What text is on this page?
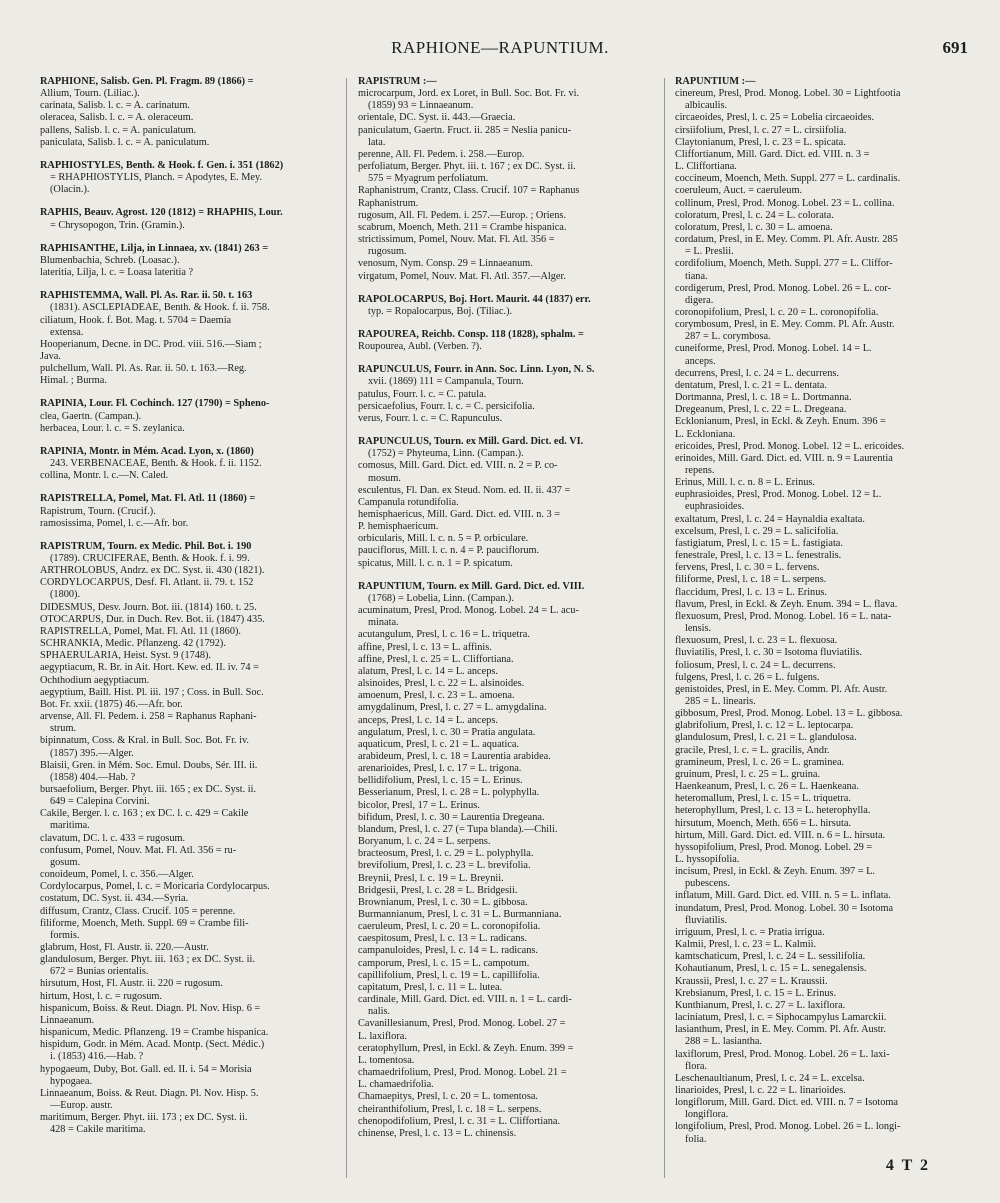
RAPHIONE—RAPUNTIUM.	691
RAPHIONE, Salisb. Gen. Pl. Fragm. 89 (1866) =
Allium, Tourn. (Liliac.).
carinata, Salisb. l. c. = A. carinatum.
oleracea, Salisb. l. c. = A. oleraceum.
pallens, Salisb. l. c. = A. paniculatum.
paniculata, Salisb. l. c. = A. paniculatum.
RAPHIOSTYLES, Benth. & Hook. f. Gen. i. 351 (1862)
= RHAPHIOSTYLIS, Planch. = Apodytes, E. Mey.
(Olacin.).
RAPHIS, Beauv. Agrost. 120 (1812) = RHAPHIS, Lour.
= Chrysopogon, Trin. (Gramin.).
RAPHISANTHE, Lilja, in Linnaea, xv. (1841) 263 =
Blumenbachia, Schreb. (Loasac.).
lateritia, Lilja, l. c. = Loasa lateritia ?
RAPHISTEMMA, Wall. Pl. As. Rar. ii. 50. t. 163
(1831). ASCLEPIADEAE, Benth. & Hook. f. ii. 758.
ciliatum, Hook. f. Bot. Mag. t. 5704 = Daemia
extensa.
Hooperianum, Decne. in DC. Prod. viii. 516.—Siam ;
Java.
pulchellum, Wall. Pl. As. Rar. ii. 50. t. 163.—Reg.
Himal. ; Burma.
RAPINIA, Lour. Fl. Cochinch. 127 (1790) = Spheno-
clea, Gaertn. (Campan.).
herbacea, Lour. l. c. = S. zeylanica.
RAPINIA, Montr. in Mém. Acad. Lyon, x. (1860)
243. VERBENACEAE, Benth. & Hook. f. ii. 1152.
collina, Montr. l. c.—N. Caled.
RAPISTRELLA, Pomel, Mat. Fl. Atl. 11 (1860) =
Rapistrum, Tourn. (Crucif.).
ramosissima, Pomel, l. c.—Afr. bor.
RAPISTRUM, Tourn. ex Medic. Phil. Bot. i. 190
(1789). CRUCIFERAE, Benth. & Hook. f. i. 99.
ARTHROLOBUS, Andrz. ex DC. Syst. ii. 430 (1821).
CORDYLOCARPUS, Desf. Fl. Atlant. ii. 79. t. 152
(1800).
DIDESMUS, Desv. Journ. Bot. iii. (1814) 160. t. 25.
OTOCARPUS, Dur. in Duch. Rev. Bot. ii. (1847) 435.
RAPISTRELLA, Pomel, Mat. Fl. Atl. 11 (1860).
SCHRANKIA, Medic. Pflanzeng. 42 (1792).
SPHAERULARIA, Heist. Syst. 9 (1748).
aegyptiacum, R. Br. in Ait. Hort. Kew. ed. II. iv. 74 =
Ochthodium aegyptiacum.
aegyptium, Baill. Hist. Pl. iii. 197 ; Coss. in Bull. Soc.
Bot. Fr. xxii. (1875) 46.—Afr. bor.
arvense, All. Fl. Pedem. i. 258 = Raphanus Raphani-
strum.
bipinnatum, Coss. & Kral. in Bull. Soc. Bot. Fr. iv.
(1857) 395.—Alger.
Blaisii, Gren. in Mém. Soc. Emul. Doubs, Sér. III. ii.
(1858) 404.—Hab. ?
bursaefolium, Berger. Phyt. iii. 165 ; ex DC. Syst. ii.
649 = Calepina Corvini.
Cakile, Berger. l. c. 163 ; ex DC. l. c. 429 = Cakile
maritima.
clavatum, DC. l. c. 433 = rugosum.
confusum, Pomel, Nouv. Mat. Fl. Atl. 356 = ru-
gosum.
conoideum, Pomel, l. c. 356.—Alger.
Cordylocarpus, Pomel, l. c. = Moricaria Cordylocarpus.
costatum, DC. Syst. ii. 434.—Syria.
diffusum, Crantz, Class. Crucif. 105 = perenne.
filiforme, Moench, Meth. Suppl. 69 = Crambe fili-
formis.
glabrum, Host, Fl. Austr. ii. 220.—Austr.
glandulosum, Berger. Phyt. iii. 163 ; ex DC. Syst. ii.
672 = Bunias orientalis.
hirsutum, Host, Fl. Austr. ii. 220 = rugosum.
hirtum, Host, l. c. = rugosum.
hispanicum, Boiss. & Reut. Diagn. Pl. Nov. Hisp. 6 =
Linnaeanum.
hispanicum, Medic. Pflanzeng. 19 = Crambe hispanica.
hispidum, Godr. in Mém. Acad. Montp. (Sect. Médic.)
i. (1853) 416.—Hab. ?
hypogaeum, Duby, Bot. Gall. ed. II. i. 54 = Morisia
hypogaea.
Linnaeanum, Boiss. & Reut. Diagn. Pl. Nov. Hisp. 5.
—Europ. austr.
maritimum, Berger. Phyt. iii. 173 ; ex DC. Syst. ii.
428 = Cakile maritima.
RAPISTRUM :—
microcarpum, Jord. ex Loret, in Bull. Soc. Bot. Fr. vi.
(1859) 93 = Linnaeanum.
orientale, DC. Syst. ii. 443.—Graecia.
paniculatum, Gaertn. Fruct. ii. 285 = Neslia panicu-
lata.
perenne, All. Fl. Pedem. i. 258.—Europ.
perfoliatum, Berger. Phyt. iii. t. 167 ; ex DC. Syst. ii.
575 = Myagrum perfoliatum.
Raphanistrum, Crantz, Class. Crucif. 107 = Raphanus
Raphanistrum.
rugosum, All. Fl. Pedem. i. 257.—Europ. ; Oriens.
scabrum, Moench, Meth. 211 = Crambe hispanica.
strictissimum, Pomel, Nouv. Mat. Fl. Atl. 356 =
rugosum.
venosum, Nym. Consp. 29 = Linnaeanum.
virgatum, Pomel, Nouv. Mat. Fl. Atl. 357.—Alger.
RAPOLOCARPUS, Boj. Hort. Maurit. 44 (1837) err.
typ. = Ropalocarpus, Boj. (Tiliac.).
RAPOUREA, Reichb. Consp. 118 (1828), sphalm. =
Roupourea, Aubl. (Verben. ?).
RAPUNCULUS, Fourr. in Ann. Soc. Linn. Lyon, N. S.
xvii. (1869) 111 = Campanula, Tourn.
patulus, Fourr. l. c. = C. patula.
persicaefolius, Fourr. l. c. = C. persicifolia.
verus, Fourr. l. c. = C. Rapunculus.
RAPUNCULUS, Tourn. ex Mill. Gard. Dict. ed. VI.
(1752) = Phyteuma, Linn. (Campan.).
comosus, Mill. Gard. Dict. ed. VIII. n. 2 = P. co-
mosum.
esculentus, Fl. Dan. ex Steud. Nom. ed. II. ii. 437 =
Campanula rotundifolia.
hemisphaericus, Mill. Gard. Dict. ed. VIII. n. 3 =
P. hemisphaericum.
orbicularis, Mill. l. c. n. 5 = P. orbiculare.
pauciflorus, Mill. l. c. n. 4 = P. pauciflorum.
spicatus, Mill. l. c. n. 1 = P. spicatum.
RAPUNTIUM, Tourn. ex Mill. Gard. Dict. ed. VIII.
(1768) = Lobelia, Linn. (Campan.).
acuminatum, Presl, Prod. Monog. Lobel. 24 = L. acu-
minata.
acutangulum, Presl, l. c. 16 = L. triquetra.
affine, Presl, l. c. 13 = L. affinis.
affine, Presl, l. c. 25 = L. Cliffortiana.
alatum, Presl, l. c. 14 = L. anceps.
alsinoides, Presl, l. c. 22 = L. alsinoides.
amoenum, Presl, l. c. 23 = L. amoena.
amygdalinum, Presl, l. c. 27 = L. amygdalina.
anceps, Presl, l. c. 14 = L. anceps.
angulatum, Presl, l. c. 30 = Pratia angulata.
aquaticum, Presl, l. c. 21 = L. aquatica.
arabideum, Presl, l. c. 18 = Laurentia arabidea.
arenarioides, Presl, l. c. 17 = L. trigona.
bellidifolium, Presl, l. c. 15 = L. Erinus.
Besserianum, Presl, l. c. 28 = L. polyphylla.
bicolor, Presl, 17 = L. Erinus.
bifidum, Presl, l. c. 30 = Laurentia Dregeana.
blandum, Presl, l. c. 27 (= Tupa blanda).—Chili.
Boryanum, l. c. 24 = L. serpens.
bracteosum, Presl, l. c. 29 = L. polyphylla.
brevifolium, Presl, l. c. 23 = L. brevifolia.
Breynii, Presl, l. c. 19 = L. Breynii.
Bridgesii, Presl, l. c. 28 = L. Bridgesii.
Brownianum, Presl, l. c. 30 = L. gibbosa.
Burmannianum, Presl, l. c. 31 = L. Burmanniana.
caeruleum, Presl, l. c. 20 = L. coronopifolia.
caespitosum, Presl, l. c. 13 = L. radicans.
campanuloides, Presl, l. c. 14 = L. radicans.
camporum, Presl, l. c. 15 = L. campotum.
capillifolium, Presl, l. c. 19 = L. capillifolia.
capitatum, Presl, l. c. 11 = L. lutea.
cardinale, Mill. Gard. Dict. ed. VIII. n. 1 = L. cardi-
nalis.
Cavanillesianum, Presl, Prod. Monog. Lobel. 27 =
L. laxiflora.
ceratophyllum, Presl, in Eckl. & Zeyh. Enum. 399 =
L. tomentosa.
chamaedrifolium, Presl, Prod. Monog. Lobel. 21 =
L. chamaedrifolia.
Chamaepitys, Presl, l. c. 20 = L. tomentosa.
cheiranthifolium, Presl, l. c. 18 = L. serpens.
chenopodifolium, Presl, l. c. 31 = L. Cliffortiana.
chinense, Presl, l. c. 13 = L. chinensis.
RAPUNTIUM :—
cinereum, Presl, Prod. Monog. Lobel. 30 = Lightfootia
albicaulis.
circaeoides, Presl, l. c. 25 = Lobelia circaeoides.
cirsiifolium, Presl, l. c. 27 = L. cirsiifolia.
Claytonianum, Presl, l. c. 23 = L. spicata.
Cliffortianum, Mill. Gard. Dict. ed. VIII. n. 3 =
L. Cliffortiana.
coccineum, Moench, Meth. Suppl. 277 = L. cardinalis.
coeruleum, Auct. = caeruleum.
collinum, Presl, Prod. Monog. Lobel. 23 = L. collina.
coloratum, Presl, l. c. 24 = L. colorata.
coloratum, Presl, l. c. 30 = L. amoena.
cordatum, Presl, in E. Mey. Comm. Pl. Afr. Austr. 285
= L. Preslii.
cordifolium, Moench, Meth. Suppl. 277 = L. Cliffor-
tiana.
cordigerum, Presl, Prod. Monog. Lobel. 26 = L. cor-
digera.
coronopifolium, Presl, l. c. 20 = L. coronopifolia.
corymbosum, Presl, in E. Mey. Comm. Pl. Afr. Austr.
287 = L. corymbosa.
cuneiforme, Presl, Prod. Monog. Lobel. 14 = L.
anceps.
decurrens, Presl, l. c. 24 = L. decurrens.
dentatum, Presl, l. c. 21 = L. dentata.
Dortmanna, Presl, l. c. 18 = L. Dortmanna.
Dregeanum, Presl, l. c. 22 = L. Dregeana.
Ecklonianum, Presl, in Eckl. & Zeyh. Enum. 396 =
L. Eckloniana.
ericoides, Presl, Prod. Monog. Lobel. 12 = L. ericoides.
erinoides, Mill. Gard. Dict. ed. VIII. n. 9 = Laurentia
repens.
Erinus, Mill. l. c. n. 8 = L. Erinus.
euphrasioides, Presl, Prod. Monog. Lobel. 12 = L.
euphrasioides.
exaltatum, Presl, l. c. 24 = Haynaldia exaltata.
excelsum, Presl, l. c. 29 = L. salicifolia.
fastigiatum, Presl, l. c. 15 = L. fastigiata.
fenestrale, Presl, l. c. 13 = L. fenestralis.
fervens, Presl, l. c. 30 = L. fervens.
filiforme, Presl, l. c. 18 = L. serpens.
flaccidum, Presl, l. c. 13 = L. Erinus.
flavum, Presl, in Eckl. & Zeyh. Enum. 394 = L. flava.
flexuosum, Presl, Prod. Monog. Lobel. 16 = L. nata-
lensis.
flexuosum, Presl, l. c. 23 = L. flexuosa.
fluviatilis, Presl, l. c. 30 = Isotoma fluviatilis.
foliosum, Presl, l. c. 24 = L. decurrens.
fulgens, Presl, l. c. 26 = L. fulgens.
genistoides, Presl, in E. Mey. Comm. Pl. Afr. Austr.
285 = L. linearis.
gibbosum, Presl, Prod. Monog. Lobel. 13 = L. gibbosa.
glabrifolium, Presl, l. c. 12 = L. leptocarpa.
glandulosum, Presl, l. c. 21 = L. glandulosa.
gracile, Presl, l. c. = L. gracilis, Andr.
gramineum, Presl, l. c. 26 = L. graminea.
gruinum, Presl, l. c. 25 = L. gruina.
Haenkeanum, Presl, l. c. 26 = L. Haenkeana.
heteromallum, Presl, l. c. 15 = L. triquetra.
heterophyllum, Presl, l. c. 13 = L. heterophylla.
hirsutum, Moench, Meth. 656 = L. hirsuta.
hirtum, Mill. Gard. Dict. ed. VIII. n. 6 = L. hirsuta.
hyssopifolium, Presl, Prod. Monog. Lobel. 29 =
L. hyssopifolia.
incisum, Presl, in Eckl. & Zeyh. Enum. 397 = L.
pubescens.
inflatum, Mill. Gard. Dict. ed. VIII. n. 5 = L. inflata.
inundatum, Presl, Prod. Monog. Lobel. 30 = Isotoma
fluviatilis.
irriguum, Presl, l. c. = Pratia irrigua.
Kalmii, Presl, l. c. 23 = L. Kalmii.
kamtschaticum, Presl, l. c. 24 = L. sessilifolia.
Kohautianum, Presl, l. c. 15 = L. senegalensis.
Kraussii, Presl, l. c. 27 = L. Kraussii.
Krebsianum, Presl, l. c. 15 = L. Erinus.
Kunthianum, Presl, l. c. 27 = L. laxiflora.
laciniatum, Presl, l. c. = Siphocampylus Lamarckii.
lasianthum, Presl, in E. Mey. Comm. Pl. Afr. Austr.
288 = L. lasiantha.
laxiflorum, Presl, Prod. Monog. Lobel. 26 = L. laxi-
flora.
Leschenaultianum, Presl, l. c. 24 = L. excelsa.
linarioides, Presl, l. c. 22 = L. linarioides.
longiflorum, Mill. Gard. Dict. ed. VIII. n. 7 = Isotoma
longiflora.
longifolium, Presl, Prod. Monog. Lobel. 26 = L. longi-
folia.
4 T 2
